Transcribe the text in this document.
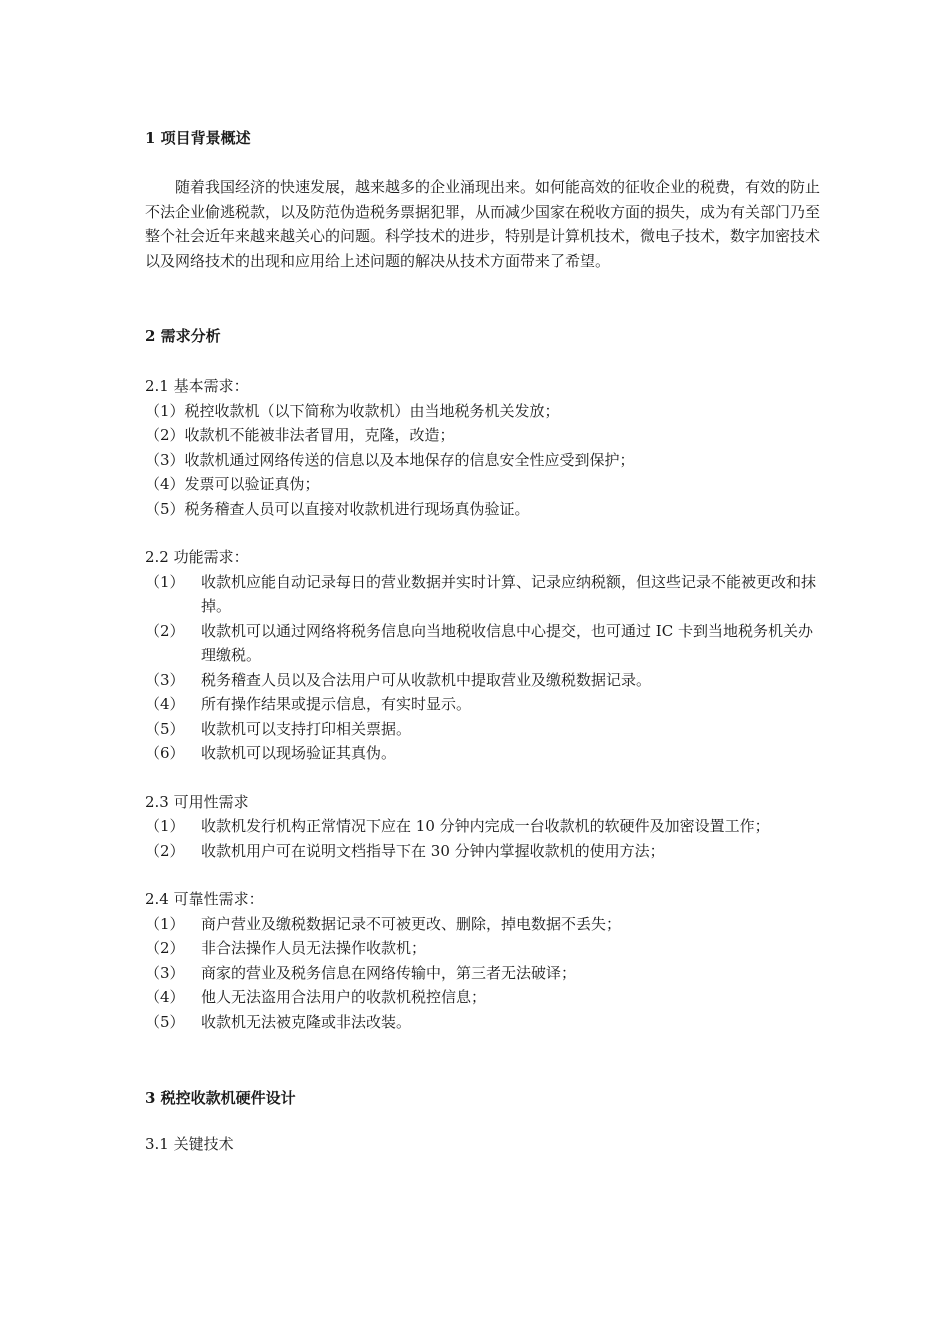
1 项目背景概述

随着我国经济的快速发展，越来越多的企业涌现出来。如何能高效的征收企业的税费，有效的防止不法企业偷逃税款，以及防范伪造税务票据犯罪，从而减少国家在税收方面的损失，成为有关部门乃至整个社会近年来越来越关心的问题。科学技术的进步，特别是计算机技术，微电子技术，数字加密技术以及网络技术的出现和应用给上述问题的解决从技术方面带来了希望。

2 需求分析
2.1 基本需求：
（1）税控收款机（以下简称为收款机）由当地税务机关发放；
（2）收款机不能被非法者冒用，克隆，改造；
（3）收款机通过网络传送的信息以及本地保存的信息安全性应受到保护；
（4）发票可以验证真伪；
（5）税务稽查人员可以直接对收款机进行现场真伪验证。
2.2 功能需求：
（1）	收款机应能自动记录每日的营业数据并实时计算、记录应纳税额，但这些记录不能被更改和抹掉。
（2）	收款机可以通过网络将税务信息向当地税收信息中心提交，也可通过 IC 卡到当地税务机关办理缴税。
（3）	税务稽查人员以及合法用户可从收款机中提取营业及缴税数据记录。
（4）	所有操作结果或提示信息，有实时显示。
（5）	收款机可以支持打印相关票据。
（6）	收款机可以现场验证其真伪。
2.3 可用性需求
（1）	收款机发行机构正常情况下应在 10 分钟内完成一台收款机的软硬件及加密设置工作；
（2）	收款机用户可在说明文档指导下在 30 分钟内掌握收款机的使用方法；
2.4 可靠性需求：
（1）	商户营业及缴税数据记录不可被更改、删除，掉电数据不丢失；
（2）	非合法操作人员无法操作收款机；
（3）	商家的营业及税务信息在网络传输中，第三者无法破译；
（4）	他人无法盗用合法用户的收款机税控信息；
（5）	收款机无法被克隆或非法改装。
3 税控收款机硬件设计
3.1 关键技术
